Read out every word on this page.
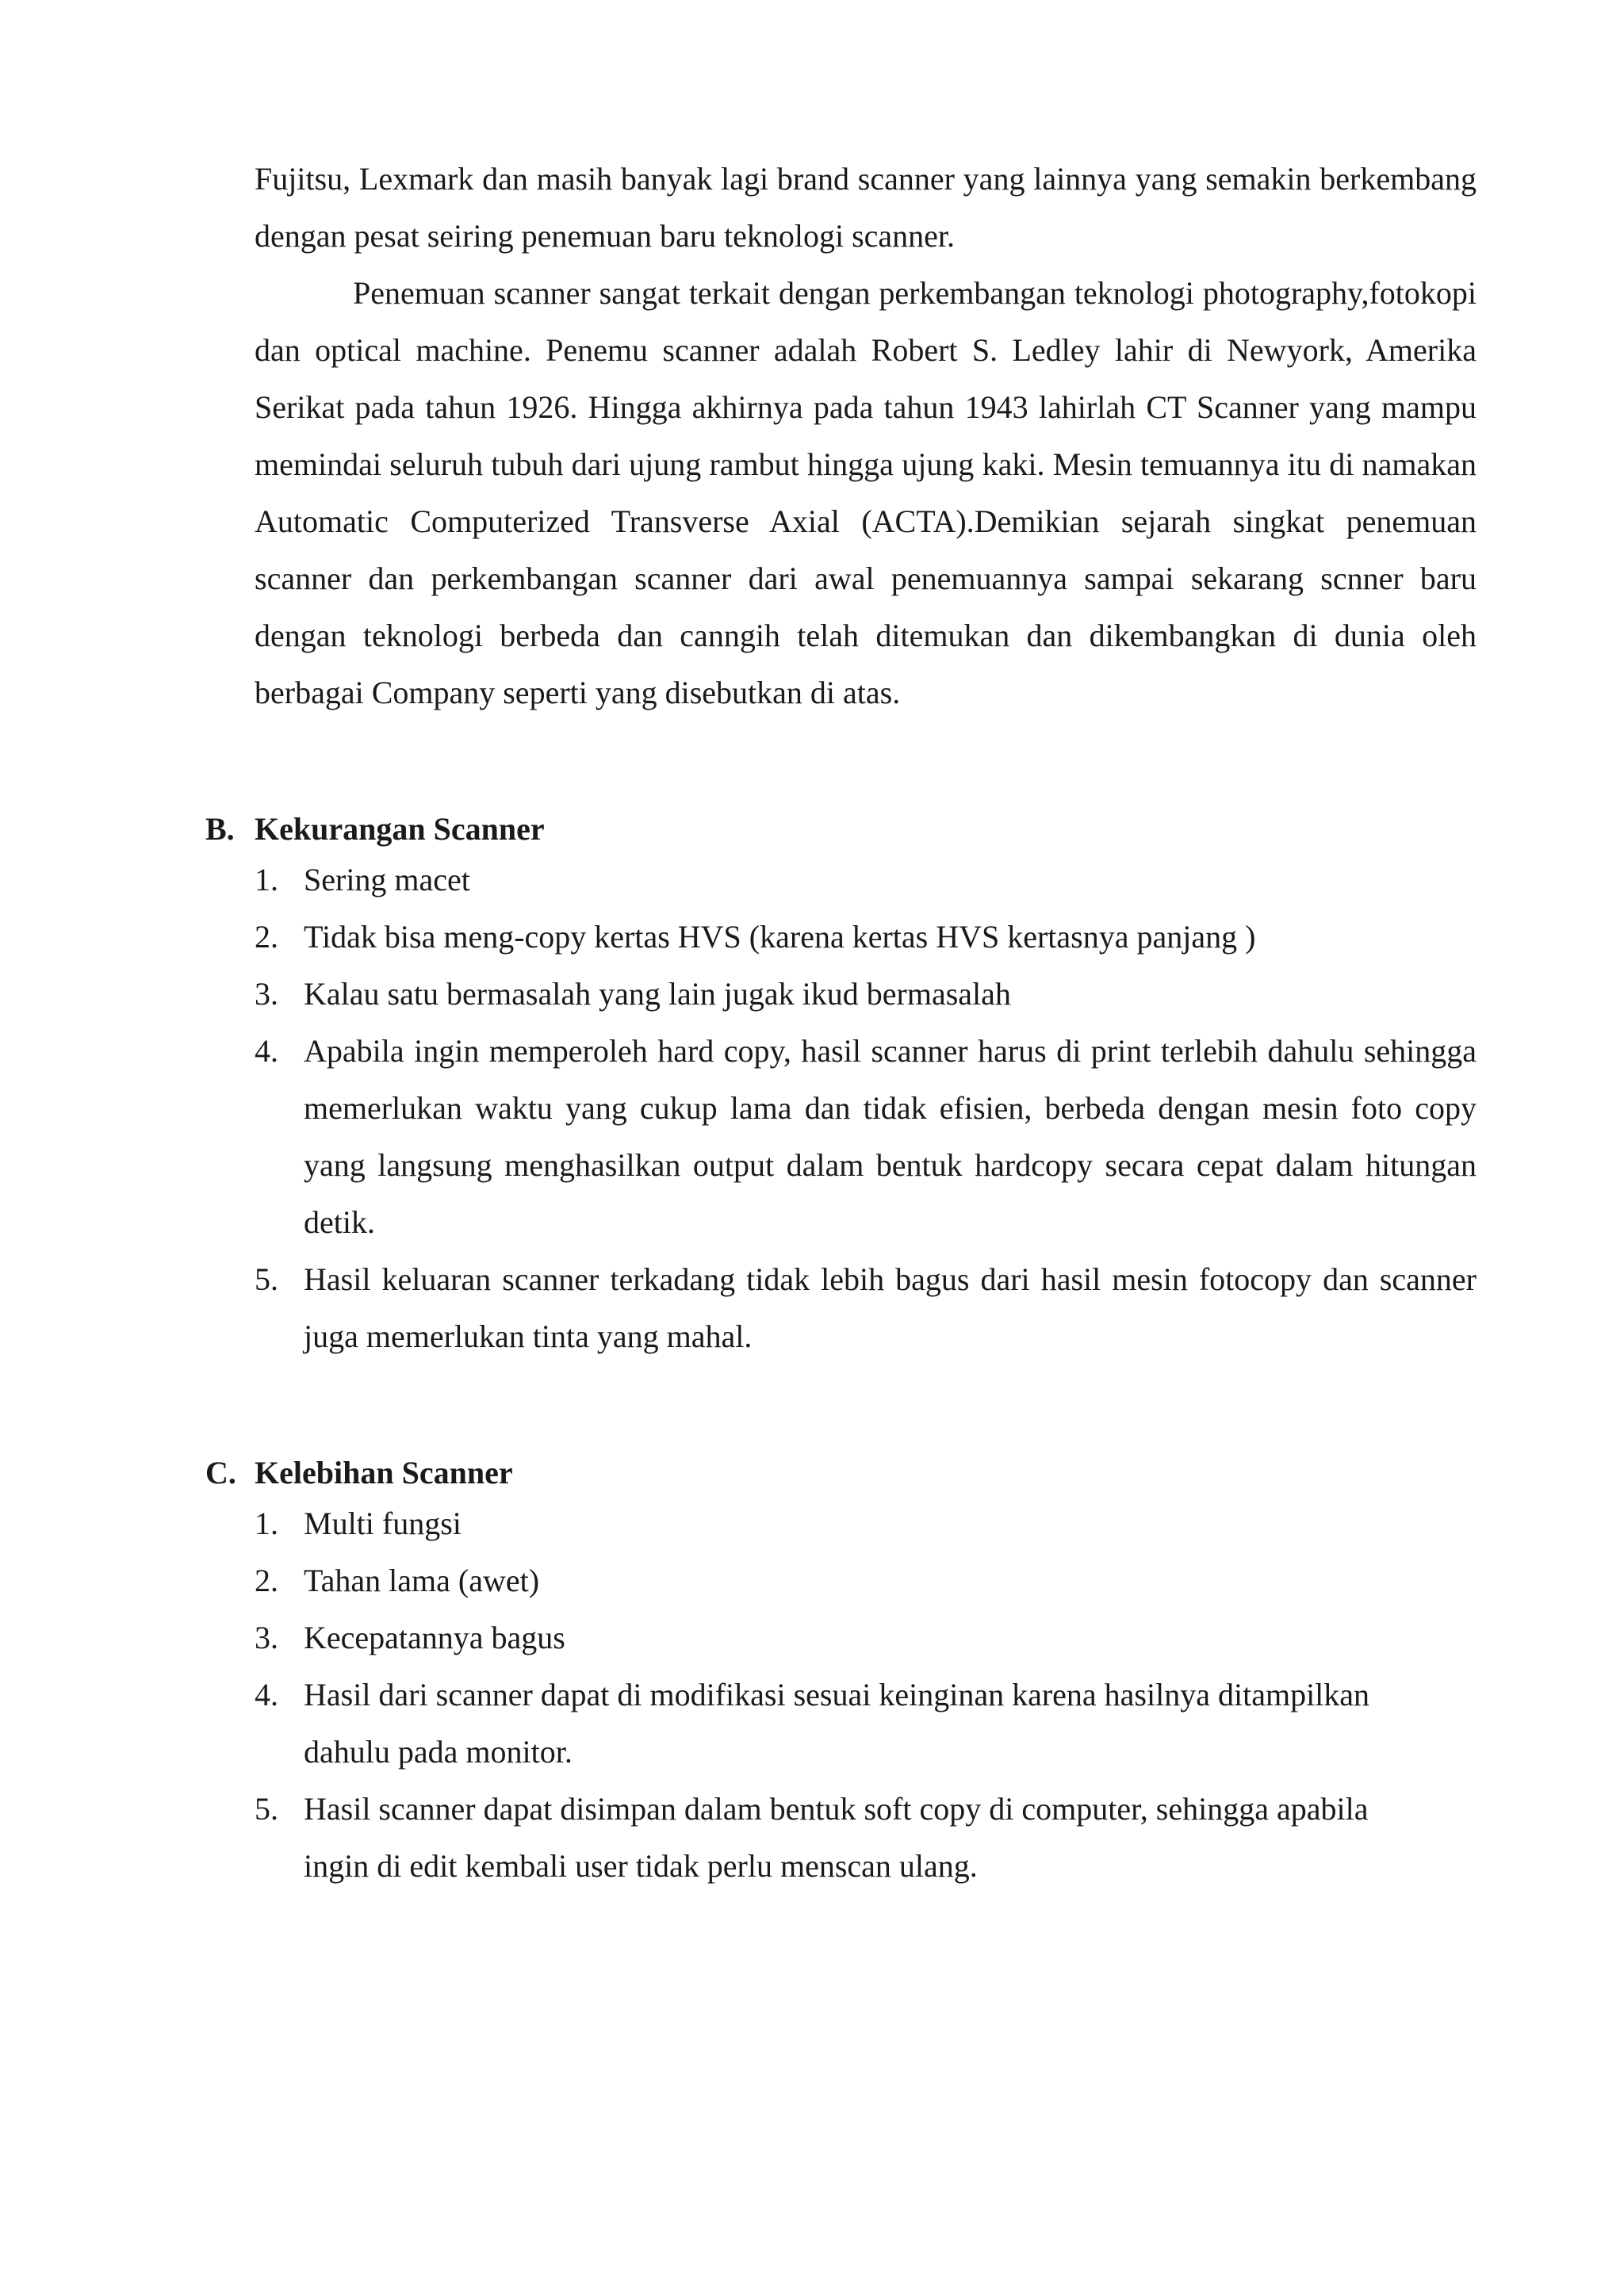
Fujitsu, Lexmark dan masih banyak lagi brand scanner yang lainnya yang semakin berkembang dengan pesat seiring penemuan baru teknologi scanner.

Penemuan scanner sangat terkait dengan perkembangan teknologi photography,fotokopi dan optical machine. Penemu scanner adalah Robert S. Ledley lahir di Newyork, Amerika Serikat pada tahun 1926. Hingga akhirnya pada tahun 1943 lahirlah CT Scanner yang mampu memindai seluruh tubuh dari ujung rambut hingga ujung kaki. Mesin temuannya itu di namakan Automatic Computerized Transverse Axial (ACTA).Demikian sejarah singkat penemuan scanner dan perkembangan scanner dari awal penemuannya sampai sekarang scnner baru dengan teknologi berbeda dan canngih telah ditemukan dan dikembangkan di dunia oleh berbagai Company seperti yang disebutkan di atas.

B. Kekurangan Scanner
1. Sering macet
2. Tidak bisa meng-copy kertas HVS (karena kertas HVS kertasnya panjang )
3. Kalau satu bermasalah yang lain jugak ikud bermasalah
4. Apabila ingin memperoleh hard copy, hasil scanner harus di print terlebih dahulu sehingga memerlukan waktu yang cukup lama dan tidak efisien, berbeda dengan mesin foto copy yang langsung menghasilkan output dalam bentuk hardcopy secara cepat dalam hitungan detik.
5. Hasil keluaran scanner terkadang tidak lebih bagus dari hasil mesin fotocopy dan scanner juga memerlukan tinta yang mahal.
C. Kelebihan Scanner
1. Multi fungsi
2. Tahan lama (awet)
3. Kecepatannya bagus
4. Hasil dari scanner dapat di modifikasi sesuai keinginan karena hasilnya ditampilkan
dahulu pada monitor.
5. Hasil scanner dapat disimpan dalam bentuk soft copy di computer, sehingga apabila
ingin di edit kembali user tidak perlu menscan ulang.
